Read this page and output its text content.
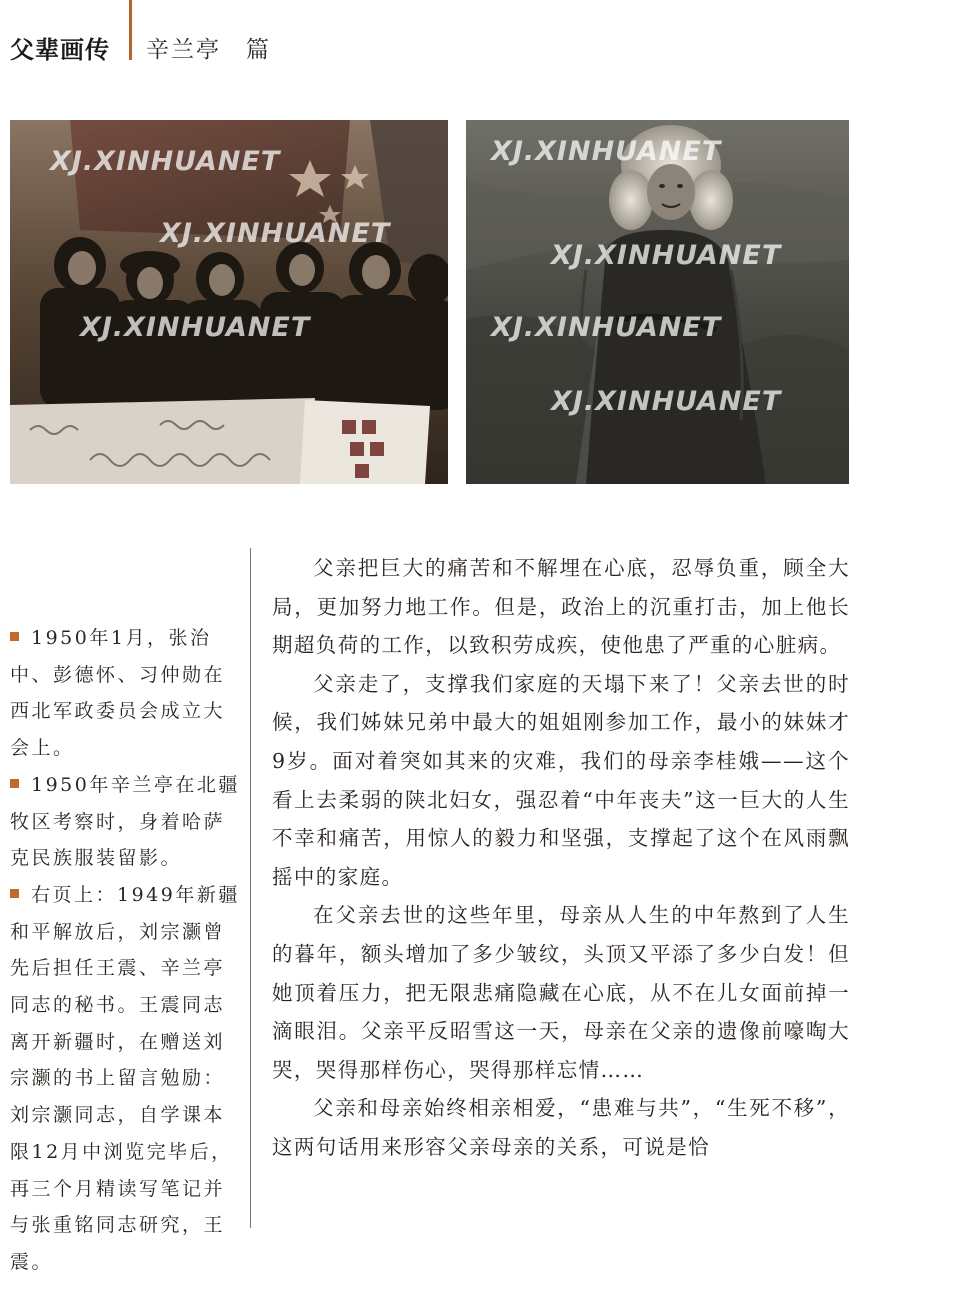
父辈画传 辛兰亭　篇
XJ.XINHUANET
XJ.XINHUANET
XJ.XINHUANET
XJ.XINHUANET
XJ.XINHUANET
XJ.XINHUANET
XJ.XINHUANET

1950年1月，张治中、彭德怀、习仲勋在西北军政委员会成立大会上。

1950年辛兰亭在北疆牧区考察时，身着哈萨克民族服装留影。

右页上：1949年新疆和平解放后，刘宗灏曾先后担任王震、辛兰亭同志的秘书。王震同志离开新疆时，在赠送刘宗灏的书上留言勉励：刘宗灏同志，自学课本限12月中浏览完毕后，再三个月精读写笔记并与张重铭同志研究，王震。

父亲把巨大的痛苦和不解埋在心底，忍辱负重，顾全大局，更加努力地工作。但是，政治上的沉重打击，加上他长期超负荷的工作，以致积劳成疾，使他患了严重的心脏病。

父亲走了，支撑我们家庭的天塌下来了！父亲去世的时候，我们姊妹兄弟中最大的姐姐刚参加工作，最小的妹妹才9岁。面对着突如其来的灾难，我们的母亲李桂娥——这个看上去柔弱的陕北妇女，强忍着“中年丧夫”这一巨大的人生不幸和痛苦，用惊人的毅力和坚强，支撑起了这个在风雨飘摇中的家庭。

在父亲去世的这些年里，母亲从人生的中年熬到了人生的暮年，额头增加了多少皱纹，头顶又平添了多少白发！但她顶着压力，把无限悲痛隐藏在心底，从不在儿女面前掉一滴眼泪。父亲平反昭雪这一天，母亲在父亲的遗像前嚎啕大哭，哭得那样伤心，哭得那样忘情……

父亲和母亲始终相亲相爱，“患难与共”，“生死不移”，这两句话用来形容父亲母亲的关系，可说是恰
